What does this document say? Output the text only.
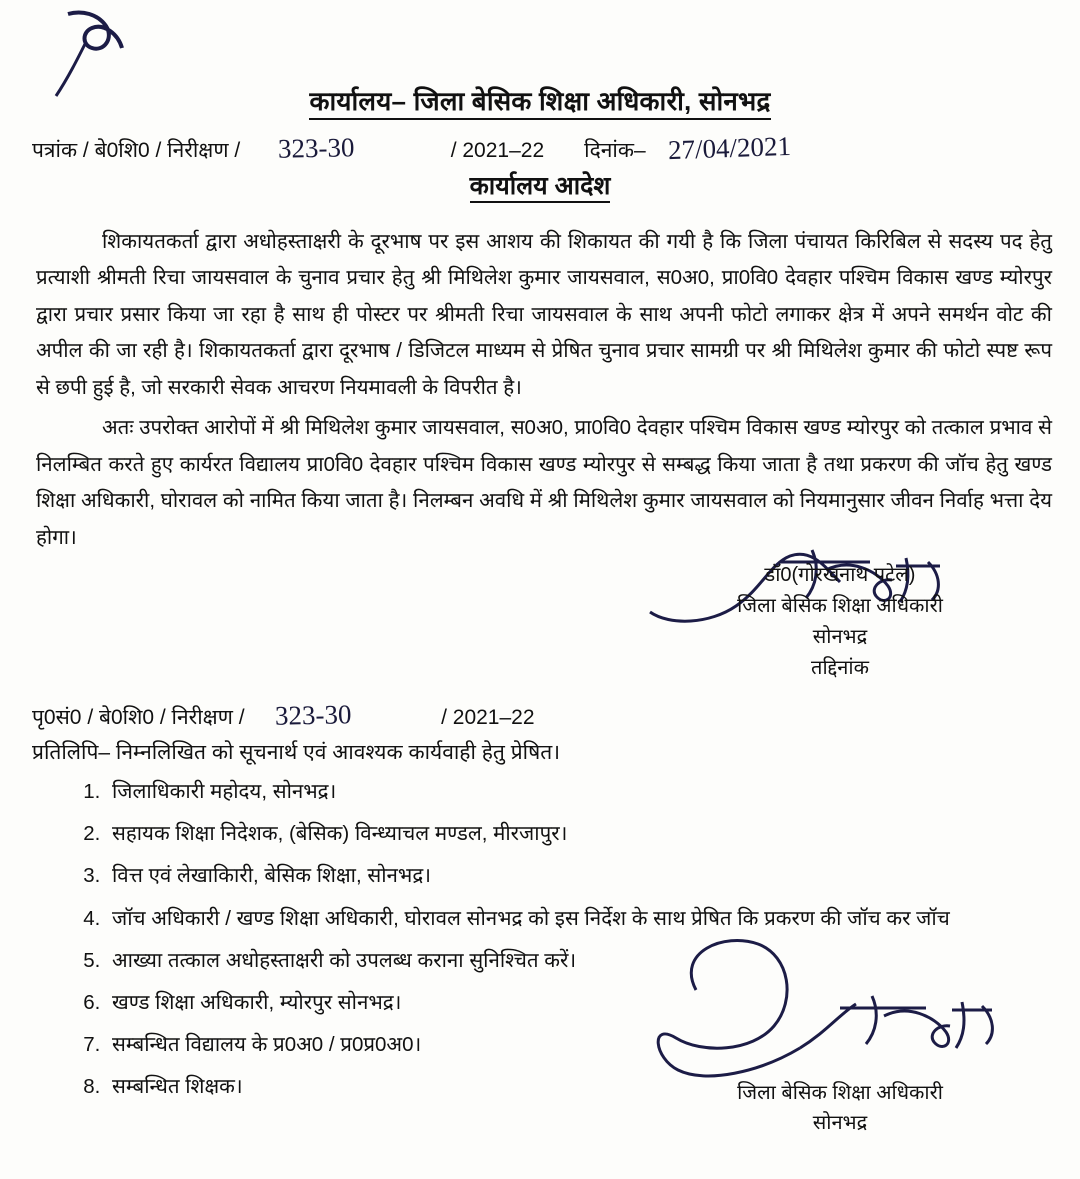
कार्यालय– जिला बेसिक शिक्षा अधिकारी, सोनभद्र
पत्रांक / बे0शि0 / निरीक्षण / 323-30	/ 2021–22 दिनांक– 27/04/2021
कार्यालय आदेश

शिकायतकर्ता द्वारा अधोहस्ताक्षरी के दूरभाष पर इस आशय की शिकायत की गयी है कि जिला पंचायत किरिबिल से सदस्य पद हेतु प्रत्याशी श्रीमती रिचा जायसवाल के चुनाव प्रचार हेतु श्री मिथिलेश कुमार जायसवाल, स0अ0, प्रा0वि0 देवहार पश्चिम विकास खण्ड म्योरपुर द्वारा प्रचार प्रसार किया जा रहा है साथ ही पोस्टर पर श्रीमती रिचा जायसवाल के साथ अपनी फोटो लगाकर क्षेत्र में अपने समर्थन वोट की अपील की जा रही है। शिकायतकर्ता द्वारा दूरभाष / डिजिटल माध्यम से प्रेषित चुनाव प्रचार सामग्री पर श्री मिथिलेश कुमार की फोटो स्पष्ट रूप से छपी हुई है, जो सरकारी सेवक आचरण नियमावली के विपरीत है।

अतः उपरोक्त आरोपों में श्री मिथिलेश कुमार जायसवाल, स0अ0, प्रा0वि0 देवहार पश्चिम विकास खण्ड म्योरपुर को तत्काल प्रभाव से निलम्बित करते हुए कार्यरत विद्यालय प्रा0वि0 देवहार पश्चिम विकास खण्ड म्योरपुर से सम्बद्ध किया जाता है तथा प्रकरण की जॉच हेतु खण्ड शिक्षा अधिकारी, घोरावल को नामित किया जाता है। निलम्बन अवधि में श्री मिथिलेश कुमार जायसवाल को नियमानुसार जीवन निर्वाह भत्ता देय होगा।

डॉ0(गोरखनाथ पटेल)
जिला बेसिक शिक्षा अधिकारी
सोनभद्र
तद्दिनांक
पृ0सं0 / बे0शि0 / निरीक्षण / 323-30	/ 2021–22
प्रतिलिपि– निम्नलिखित को सूचनार्थ एवं आवश्यक कार्यवाही हेतु प्रेषित।
1. जिलाधिकारी महोदय, सोनभद्र।
2. सहायक शिक्षा निदेशक, (बेसिक) विन्ध्याचल मण्डल, मीरजापुर।
3. वित्त एवं लेखाकिारी, बेसिक शिक्षा, सोनभद्र।
4. जॉच अधिकारी / खण्ड शिक्षा अधिकारी, घोरावल सोनभद्र को इस निर्देश के साथ प्रेषित कि प्रकरण की जॉच कर जॉच
5. आख्या तत्काल अधोहस्ताक्षरी को उपलब्ध कराना सुनिश्चित करें।
6. खण्ड शिक्षा अधिकारी, म्योरपुर सोनभद्र।
7. सम्बन्धित विद्यालय के प्र0अ0 / प्र0प्र0अ0।
8. सम्बन्धित शिक्षक।	जिला बेसिक शिक्षा अधिकारी
सोनभद्र
